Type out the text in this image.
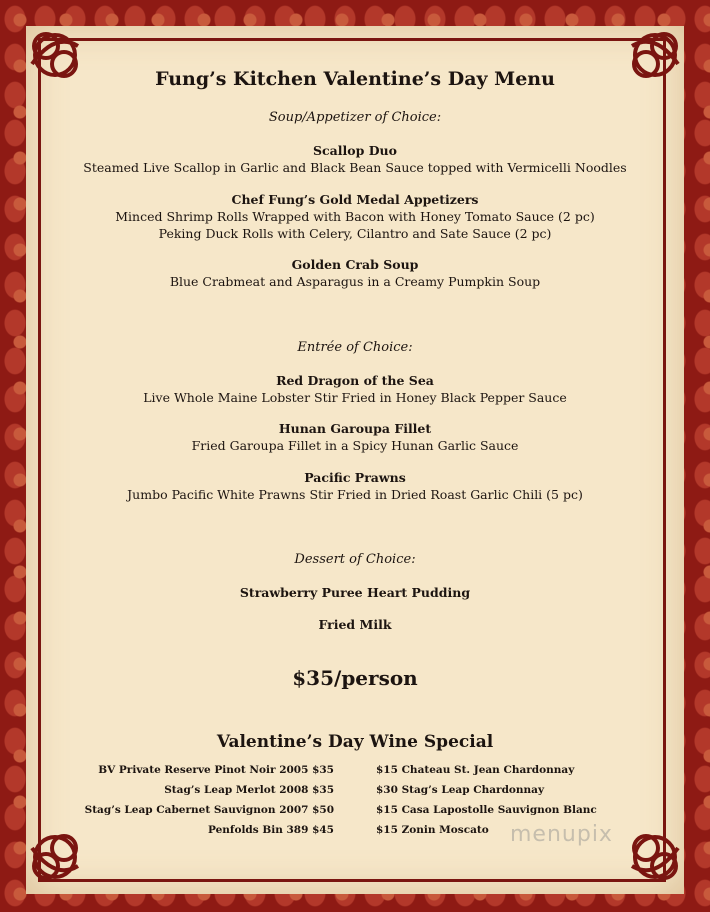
Fung’s Kitchen Valentine’s Day Menu
Soup/Appetizer of Choice:
Scallop Duo
Steamed Live Scallop in Garlic and Black Bean Sauce topped with Vermicelli Noodles
Chef Fung’s Gold Medal Appetizers
Minced Shrimp Rolls Wrapped with Bacon with Honey Tomato Sauce (2 pc)
Peking Duck Rolls with Celery, Cilantro and Sate Sauce (2 pc)
Golden Crab Soup
Blue Crabmeat and Asparagus in a Creamy Pumpkin Soup
Entrée of Choice:
Red Dragon of the Sea
Live Whole Maine Lobster Stir Fried in Honey Black Pepper Sauce
Hunan Garoupa Fillet
Fried Garoupa Fillet in a Spicy Hunan Garlic Sauce
Pacific Prawns
Jumbo Pacific White Prawns Stir Fried in Dried Roast Garlic Chili (5 pc)
Dessert of Choice:
Strawberry Puree Heart Pudding
Fried Milk
$35/person
Valentine’s Day Wine Special
BV Private Reserve Pinot Noir 2005 $35
Stag’s Leap Merlot 2008 $35
Stag’s Leap Cabernet Sauvignon 2007 $50
Penfolds Bin 389 $45
$15 Chateau St. Jean Chardonnay
$30 Stag’s Leap Chardonnay
$15 Casa Lapostolle Sauvignon Blanc
$15 Zonin Moscato menupix
